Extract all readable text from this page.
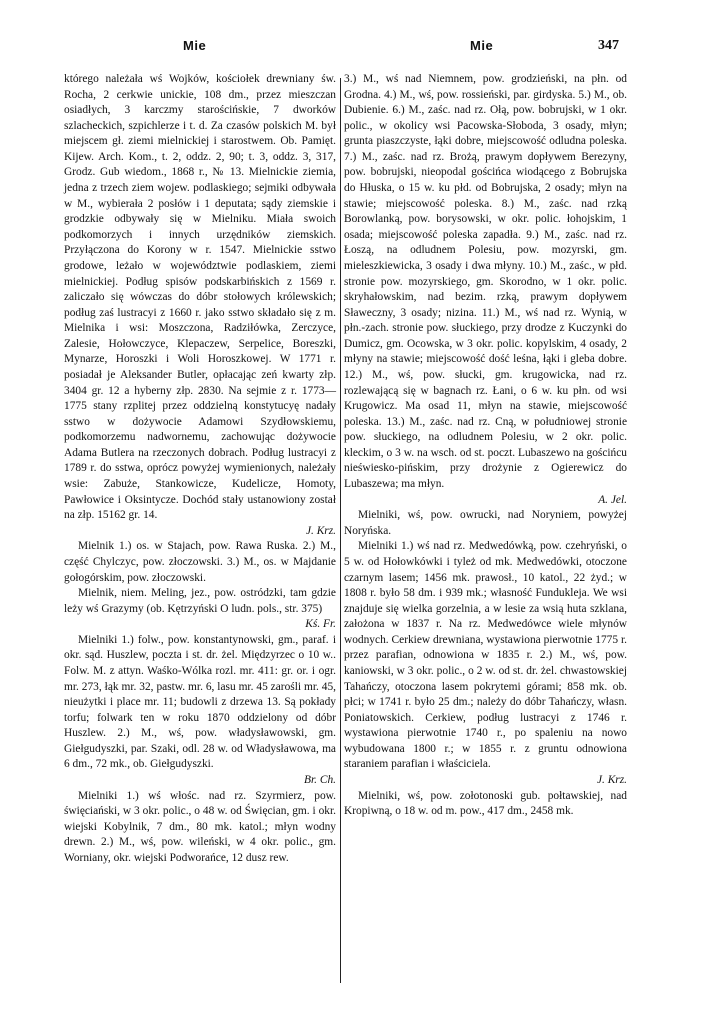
Mie	Mie	347

którego należała wś Wojków, kościołek drewniany św. Rocha, 2 cerkwie unickie, 108 dm., przez mieszczan osiadłych, 3 karczmy starościńskie, 7 dworków szlacheckich, szpichlerze i t. d. Za czasów polskich M. był miejscem gł. ziemi mielnickiej i starostwem. Ob. Pamięt. Kijew. Arch. Kom., t. 2, oddz. 2, 90; t. 3, oddz. 3, 317, Grodz. Gub wiedom., 1868 r., № 13. Mielnickie ziemia, jedna z trzech ziem wojew. podlaskiego; sejmiki odbywała w M., wybierała 2 posłów i 1 deputata; sądy ziemskie i grodzkie odbywały się w Mielniku. Miała swoich podkomorzych i innych urzędników ziemskich. Przyłączona do Korony w r. 1547. Mielnickie sstwo grodowe, leżało w województwie podlaskiem, ziemi mielnickiej. Podług spisów podskarbińskich z 1569 r. zaliczało się wówczas do dóbr stołowych królewskich; podług zaś lustracyi z 1660 r. jako sstwo składało się z m. Mielnika i wsi: Moszczona, Radziłówka, Zerczyce, Zalesie, Hołowczyce, Klepaczew, Serpelice, Boreszki, Mynarze, Horoszki i Woli Horoszkowej. W 1771 r. posiadał je Aleksander Butler, opłacając zeń kwarty złp. 3404 gr. 12 a hyberny złp. 2830. Na sejmie z r. 1773—1775 stany rzplitej przez oddzielną konstytucyę nadały sstwo w dożywocie Adamowi Szydłowskiemu, podkomorzemu nadwornemu, zachowując dożywocie Adama Butlera na rzeczonych dobrach. Podług lustracyi z 1789 r. do sstwa, oprócz powyżej wymienionych, należały wsie: Zabuże, Stankowicze, Kudelicze, Homoty, Pawłowice i Oksintycze. Dochód stały ustanowiony został na złp. 15162 gr. 14.

J. Krz.

Mielnik 1.) os. w Stajach, pow. Rawa Ruska. 2.) M., część Chylczyc, pow. złoczowski. 3.) M., os. w Majdanie gołogórskim, pow. złoczowski.

Mielnik, niem. Meling, jez., pow. ostródzki, tam gdzie leży wś Grazymy (ob. Kętrzyński O ludn. pols., str. 375)

Kś. Fr.

Mielniki 1.) folw., pow. konstantynowski, gm., paraf. i okr. sąd. Huszlew, poczta i st. dr. żel. Międzyrzec o 10 w.. Folw. M. z attyn. Waśko-Wólka rozl. mr. 411: gr. or. i ogr. mr. 273, łąk mr. 32, pastw. mr. 6, lasu mr. 45 zarośli mr. 45, nieużytki i place mr. 11; budowli z drzewa 13. Są pokłady torfu; folwark ten w roku 1870 oddzielony od dóbr Huszlew. 2.) M., wś, pow. władysławowski, gm. Giełgudyszki, par. Szaki, odl. 28 w. od Władysławowa, ma 6 dm., 72 mk., ob. Giełgudyszki.

Br. Ch.

Mielniki 1.) wś włośc. nad rz. Szyrmierz, pow. święciański, w 3 okr. polic., o 48 w. od Święcian, gm. i okr. wiejski Kobylnik, 7 dm., 80 mk. katol.; młyn wodny drewn. 2.) M., wś, pow. wileński, w 4 okr. polic., gm. Worniany, okr. wiejski Podworańce, 12 dusz rew.

3.) M., wś nad Niemnem, pow. grodzieński, na płn. od Grodna. 4.) M., wś, pow. rossieński, par. girdyska. 5.) M., ob. Dubienie. 6.) M., zaśc. nad rz. Ołą, pow. bobrujski, w 1 okr. polic., w okolicy wsi Pacowska-Słoboda, 3 osady, młyn; grunta piaszczyste, łąki dobre, miejscowość odludna poleska. 7.) M., zaśc. nad rz. Brożą, prawym dopływem Berezyny, pow. bobrujski, nieopodal gościńca wiodącego z Bobrujska do Hłuska, o 15 w. ku płd. od Bobrujska, 2 osady; młyn na stawie; miejscowość poleska. 8.) M., zaśc. nad rzką Borowlanką, pow. borysowski, w okr. polic. łohojskim, 1 osada; miejscowość poleska zapadła. 9.) M., zaśc. nad rz. Łoszą, na odludnem Polesiu, pow. mozyrski, gm. mieleszkiewicka, 3 osady i dwa młyny. 10.) M., zaśc., w płd. stronie pow. mozyrskiego, gm. Skorodno, w 1 okr. polic. skryhałowskim, nad bezim. rzką, prawym dopływem Sławeczny, 3 osady; nizina. 11.) M., wś nad rz. Wynią, w płn.-zach. stronie pow. słuckiego, przy drodze z Kuczynki do Dumicz, gm. Ocowska, w 3 okr. polic. kopylskim, 4 osady, 2 młyny na stawie; miejscowość dość leśna, łąki i gleba dobre. 12.) M., wś, pow. słucki, gm. krugowicka, nad rz. rozlewającą się w bagnach rz. Łani, o 6 w. ku płn. od wsi Krugowicz. Ma osad 11, młyn na stawie, miejscowość poleska. 13.) M., zaśc. nad rz. Cną, w południowej stronie pow. słuckiego, na odludnem Polesiu, w 2 okr. polic. kleckim, o 3 w. na wsch. od st. poczt. Lubaszewo na gościńcu nieświesko-pińskim, przy drożynie z Ogierewicz do Lubaszewa; ma młyn.

A. Jel.

Mielniki, wś, pow. owrucki, nad Noryniem, powyżej Noryńska.

Mielniki 1.) wś nad rz. Medwedówką, pow. czehryński, o 5 w. od Hołowkówki i tyleż od mk. Medwedówki, otoczone czarnym lasem; 1456 mk. prawosł., 10 katol., 22 żyd.; w 1808 r. było 58 dm. i 939 mk.; własność Fundukleja. We wsi znajduje się wielka gorzelnia, a w lesie za wsią huta szklana, założona w 1837 r. Na rz. Medwedówce wiele młynów wodnych. Cerkiew drewniana, wystawiona pierwotnie 1775 r. przez parafian, odnowiona w 1835 r. 2.) M., wś, pow. kaniowski, w 3 okr. polic., o 2 w. od st. dr. żel. chwastowskiej Tahańczy, otoczona lasem pokrytemi górami; 858 mk. ob. płci; w 1741 r. było 25 dm.; należy do dóbr Tahańczy, własn. Poniatowskich. Cerkiew, podług lustracyi z 1746 r. wystawiona pierwotnie 1740 r., po spaleniu na nowo wybudowana 1800 r.; w 1855 r. z gruntu odnowiona staraniem parafian i właściciela.

J. Krz.

Mielniki, wś, pow. zołotonoski gub. połtawskiej, nad Kropiwną, o 18 w. od m. pow., 417 dm., 2458 mk.
